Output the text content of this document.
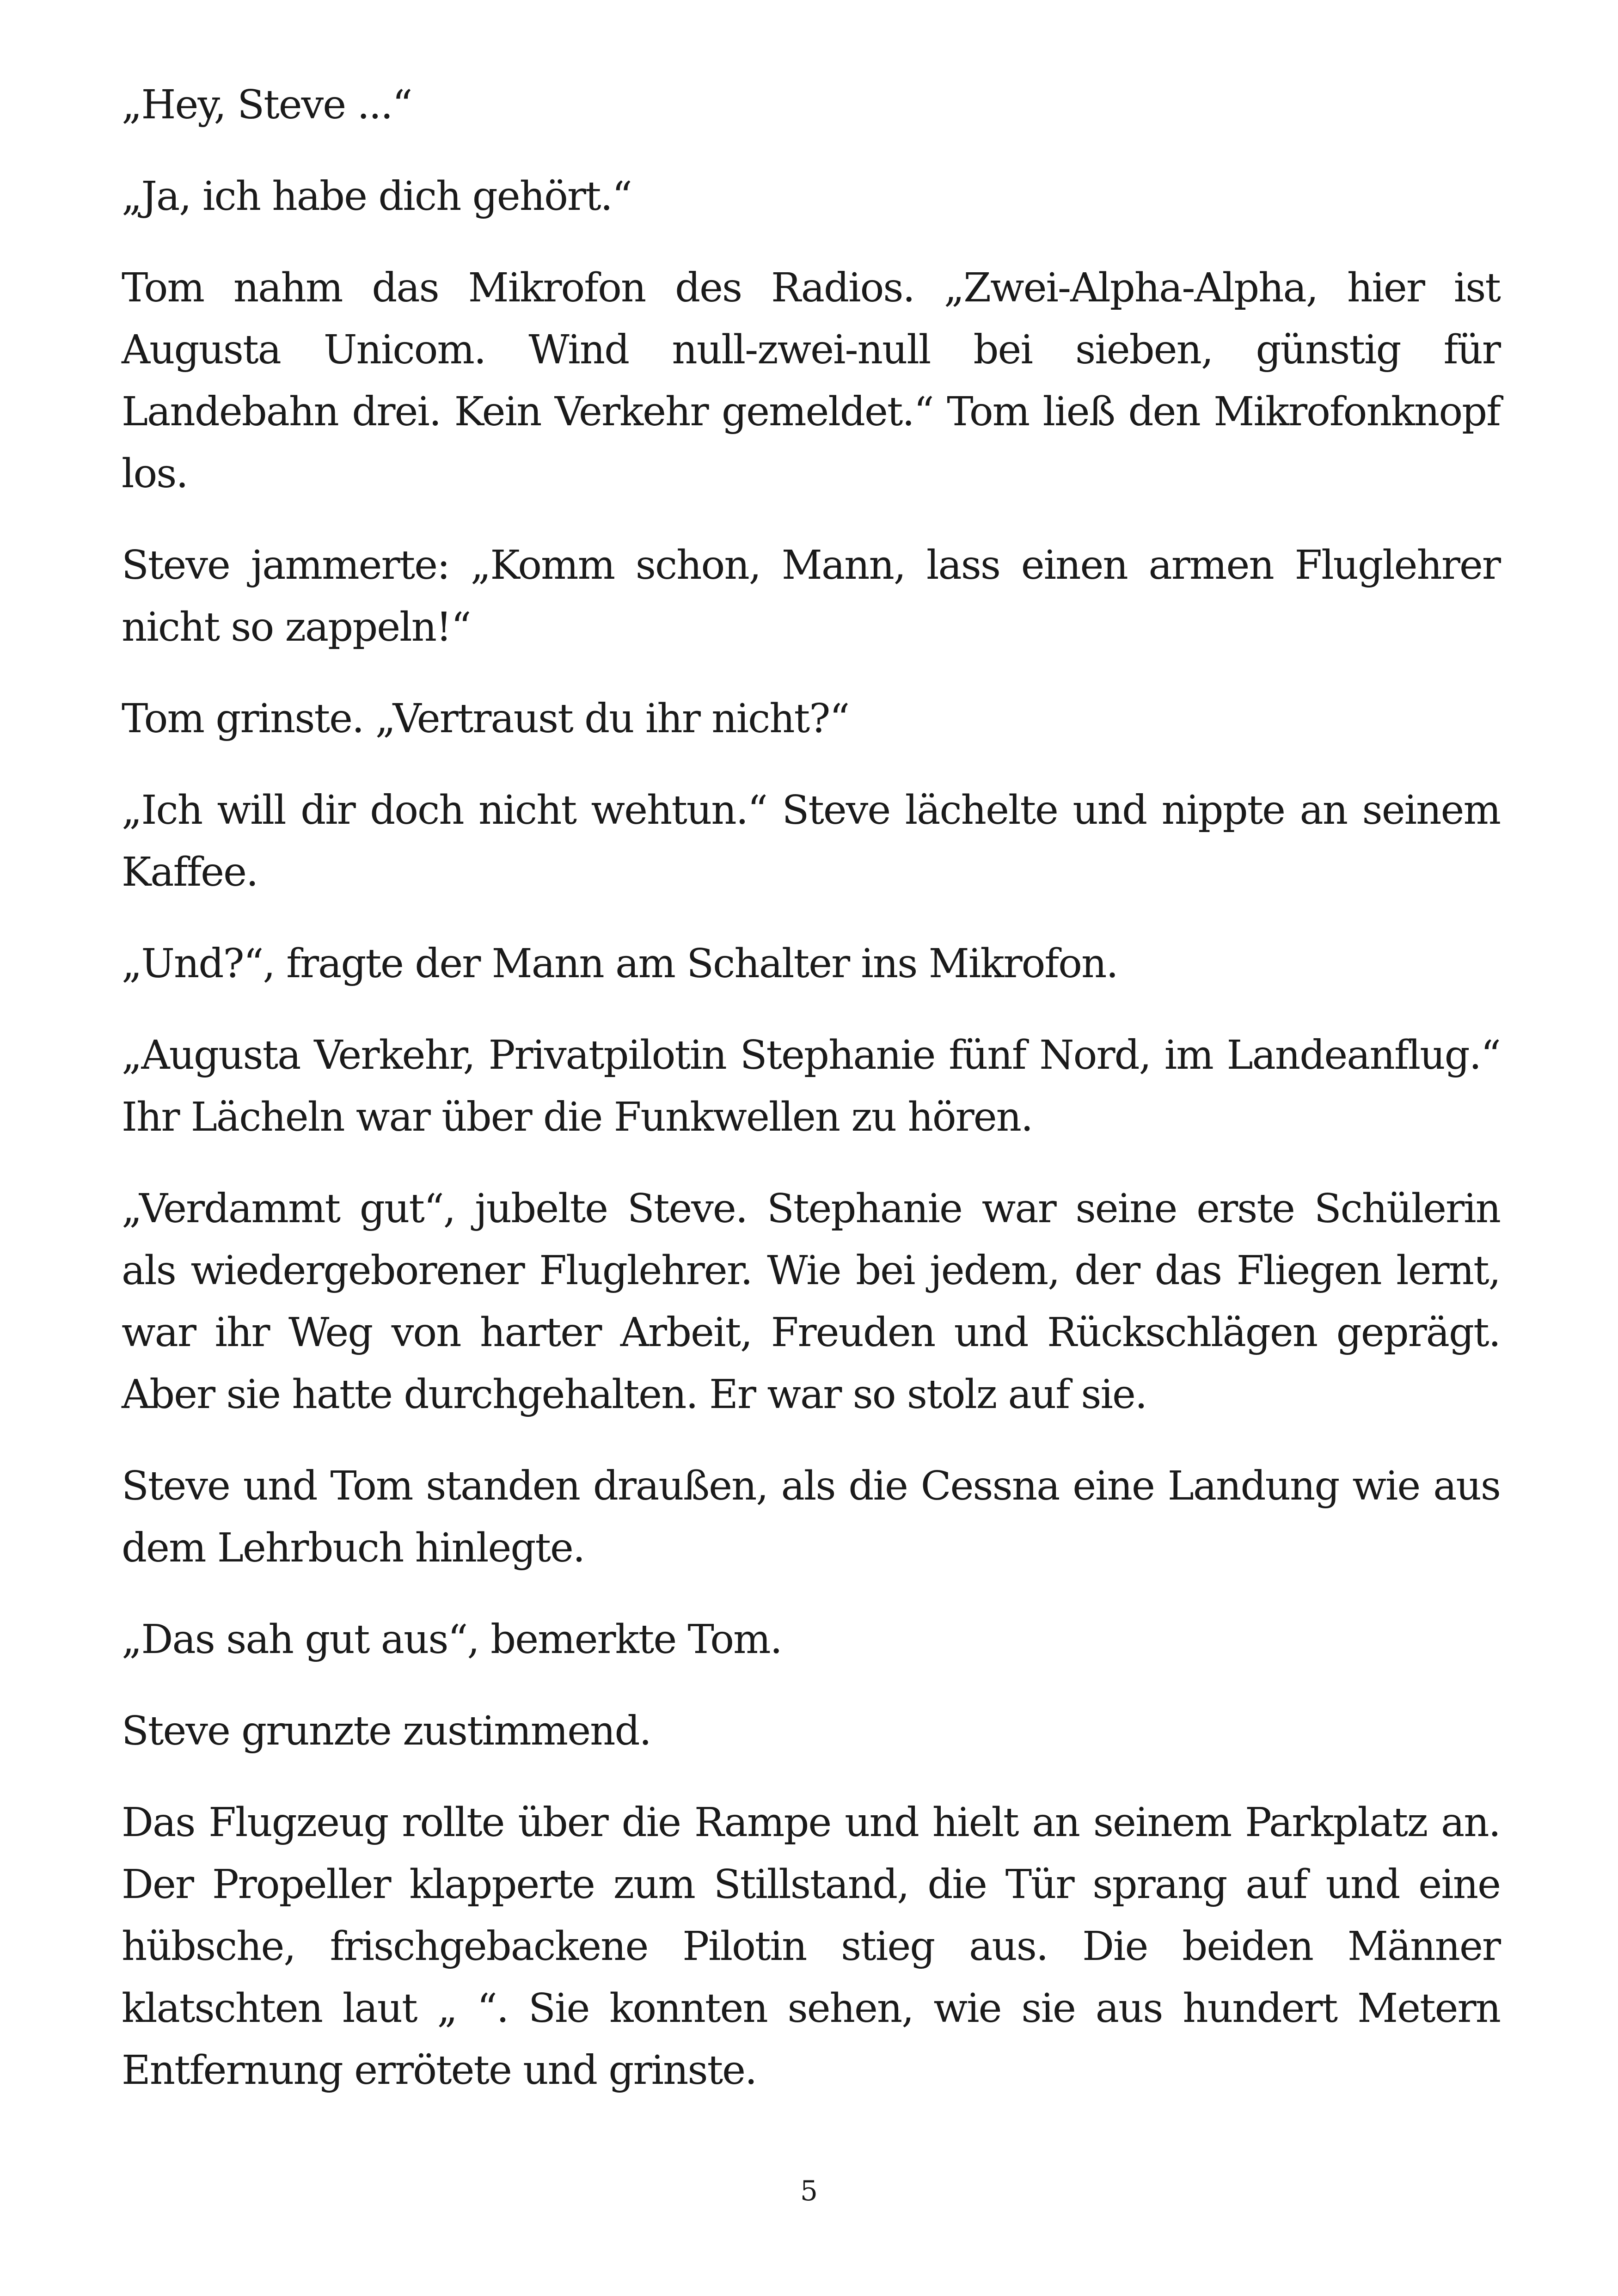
„Hey, Steve ...“

„Ja, ich habe dich gehört.“

Tom nahm das Mikrofon des Radios. „Zwei-Alpha-Alpha, hier ist Augusta Unicom. Wind null-zwei-null bei sieben, günstig für Landebahn drei. Kein Verkehr gemeldet.“ Tom ließ den Mikrofonknopf los.

Steve jammerte: „Komm schon, Mann, lass einen armen Fluglehrer nicht so zappeln!“

Tom grinste. „Vertraust du ihr nicht?“

„Ich will dir doch nicht wehtun.“ Steve lächelte und nippte an seinem Kaffee.

„Und?“, fragte der Mann am Schalter ins Mikrofon.

„Augusta Verkehr, Privatpilotin Stephanie fünf Nord, im Landeanflug.“ Ihr Lächeln war über die Funkwellen zu hören.

„Verdammt gut“, jubelte Steve. Stephanie war seine erste Schülerin als wiedergeborener Fluglehrer. Wie bei jedem, der das Fliegen lernt, war ihr Weg von harter Arbeit, Freuden und Rückschlägen geprägt. Aber sie hatte durchgehalten. Er war so stolz auf sie.

Steve und Tom standen draußen, als die Cessna eine Landung wie aus dem Lehrbuch hinlegte.

„Das sah gut aus“, bemerkte Tom.

Steve grunzte zustimmend.

Das Flugzeug rollte über die Rampe und hielt an seinem Parkplatz an. Der Propeller klapperte zum Stillstand, die Tür sprang auf und eine hübsche, frischgebackene Pilotin stieg aus. Die beiden Männer klatschten laut „ “. Sie konnten sehen, wie sie aus hundert Metern Entfernung errötete und grinste.

5
